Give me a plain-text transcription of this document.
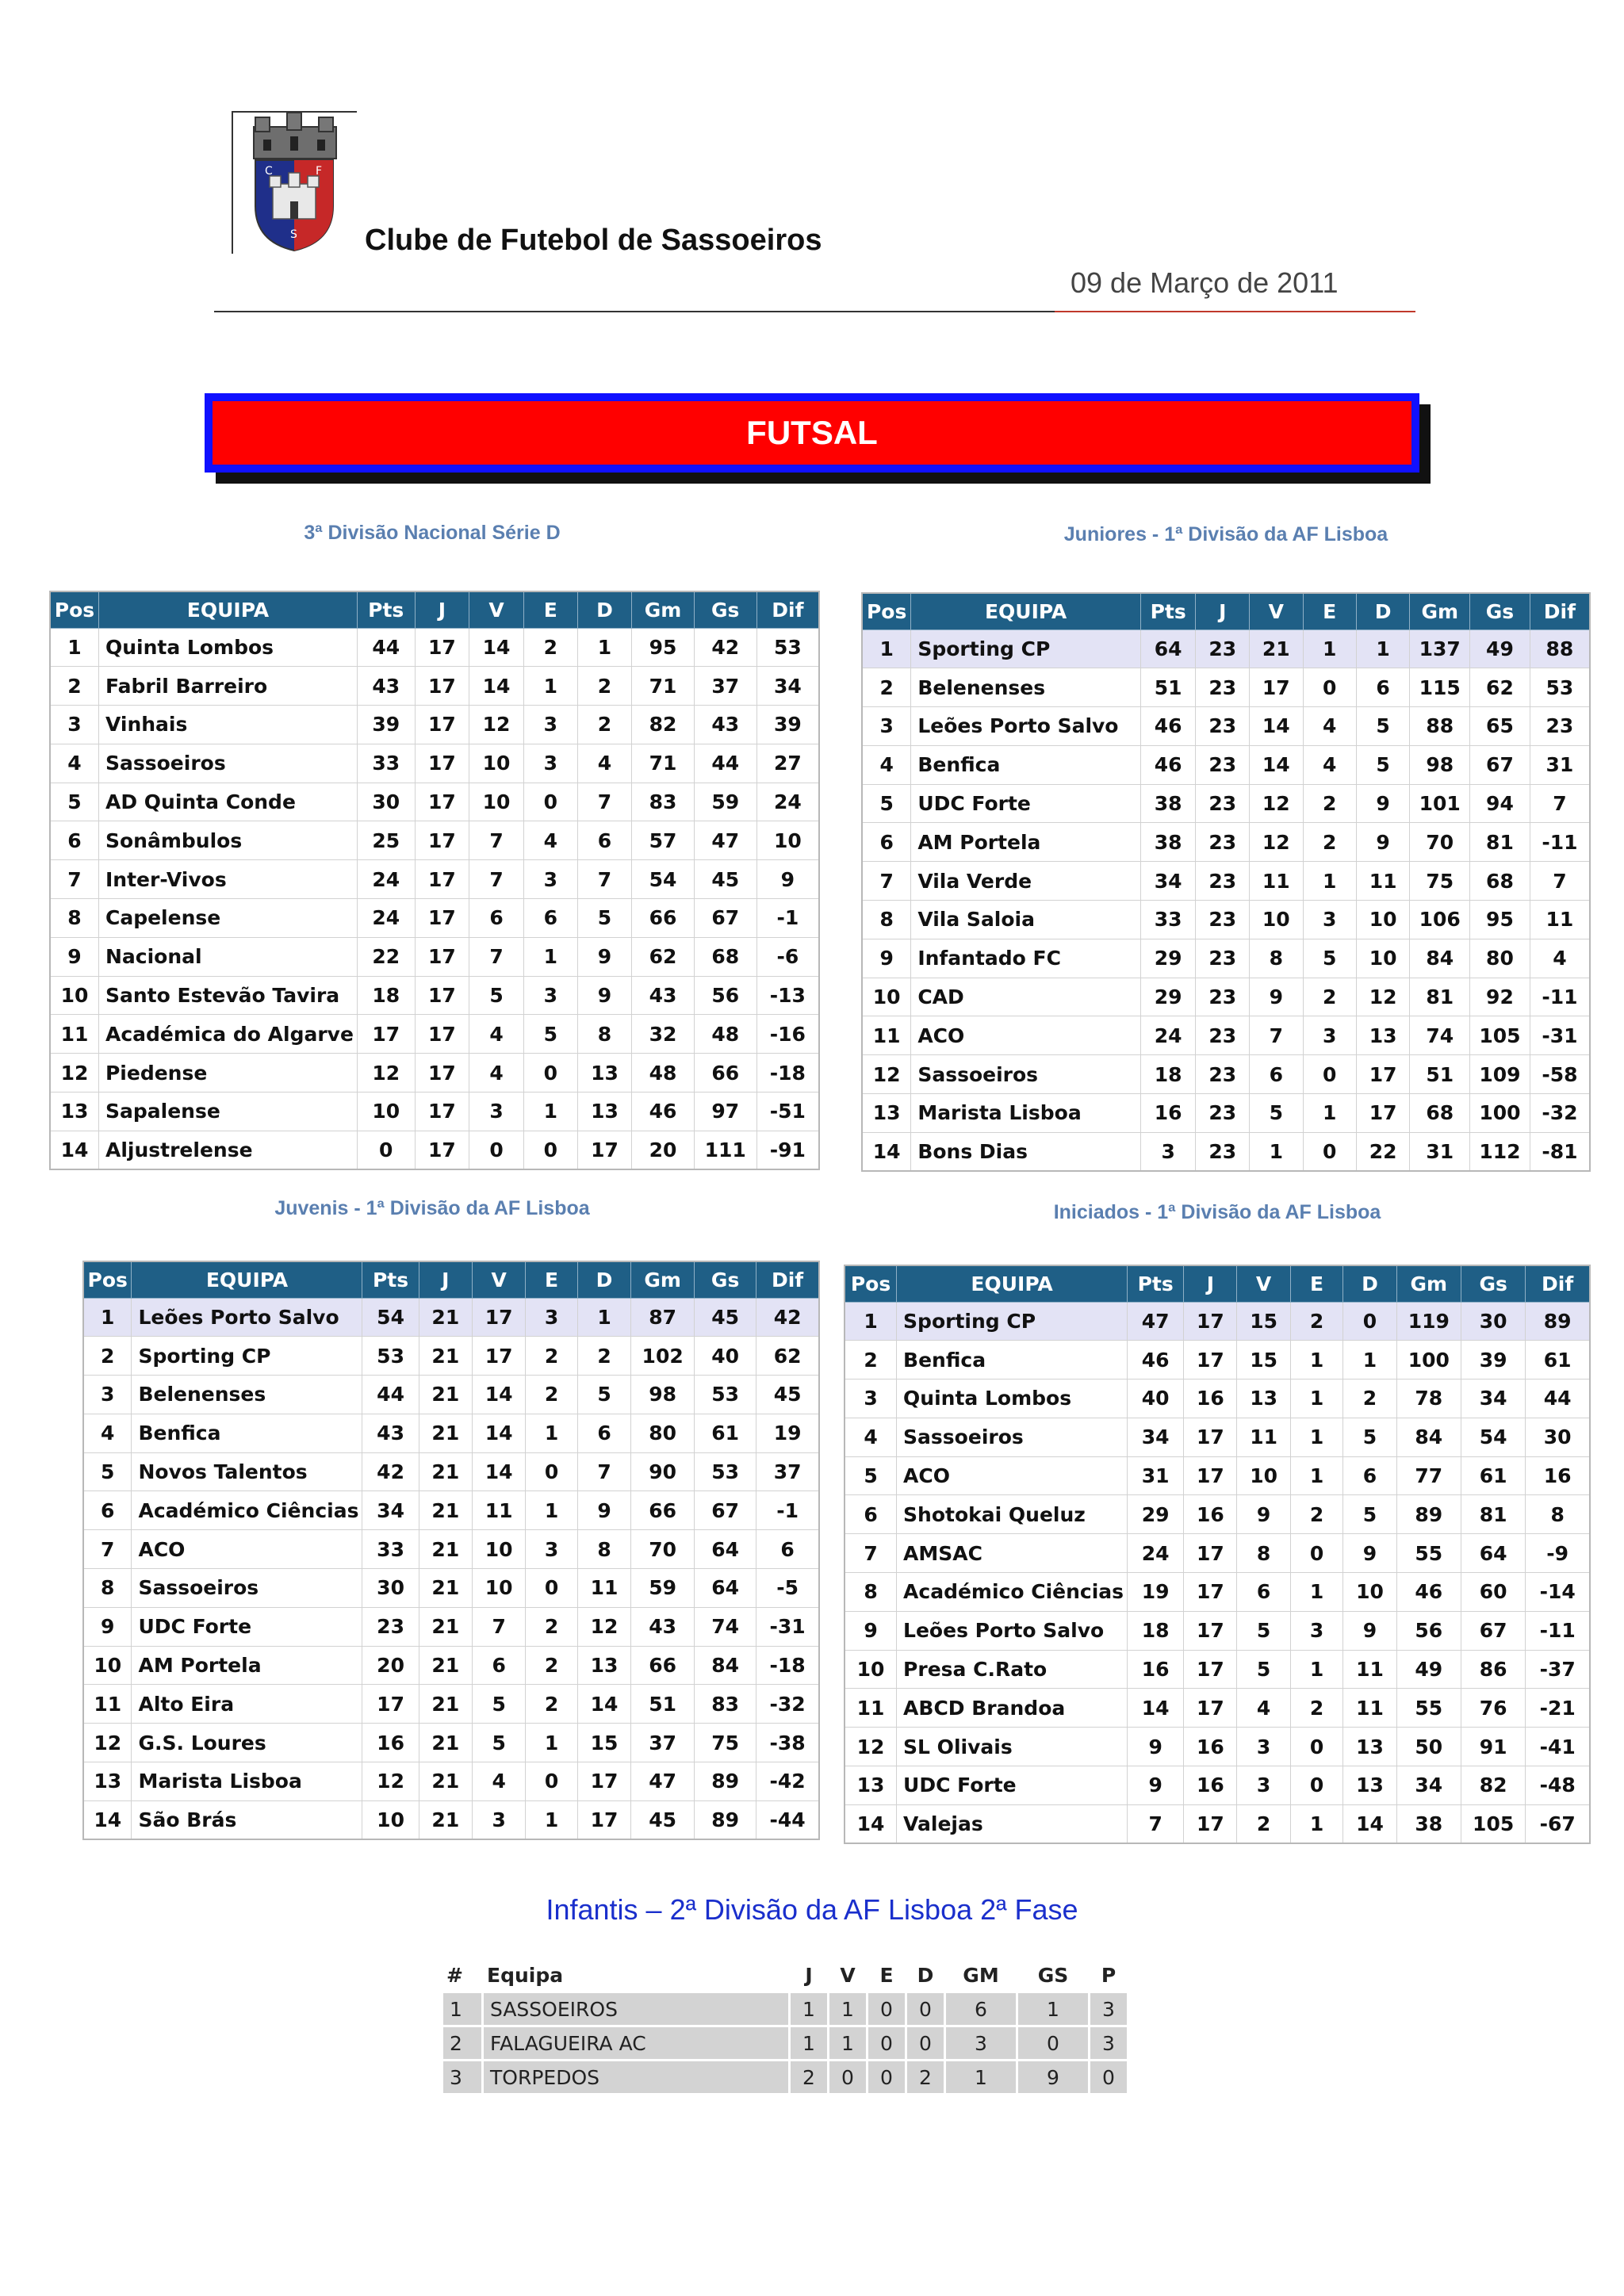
C	F
S Clube de Futebol de Sassoeiros
09 de Março de 2011
FUTSAL
3ª Divisão Nacional Série D	Juniores - 1ª Divisão da AF Lisboa
Juvenis - 1ª Divisão da AF Lisboa	Iniciados - 1ª Divisão da AF Lisboa
Pos	EQUIPA	Pts	J	V	E	D	Gm	Gs	Dif
1	Quinta Lombos	44	17	14	2	1	95	42	53
2	Fabril Barreiro	43	17	14	1	2	71	37	34
3	Vinhais	39	17	12	3	2	82	43	39
4	Sassoeiros	33	17	10	3	4	71	44	27
5	AD Quinta Conde	30	17	10	0	7	83	59	24
6	Sonâmbulos	25	17	7	4	6	57	47	10
7	Inter-Vivos	24	17	7	3	7	54	45	9
8	Capelense	24	17	6	6	5	66	67	-1
9	Nacional	22	17	7	1	9	62	68	-6
10	Santo Estevão Tavira	18	17	5	3	9	43	56	-13
11	Académica do Algarve	17	17	4	5	8	32	48	-16
12	Piedense	12	17	4	0	13	48	66	-18
13	Sapalense	10	17	3	1	13	46	97	-51
14	Aljustrelense	0	17	0	0	17	20	111	-91
Pos	EQUIPA	Pts	J	V	E	D	Gm	Gs	Dif
1	Sporting CP	64	23	21	1	1	137	49	88
2	Belenenses	51	23	17	0	6	115	62	53
3	Leões Porto Salvo	46	23	14	4	5	88	65	23
4	Benfica	46	23	14	4	5	98	67	31
5	UDC Forte	38	23	12	2	9	101	94	7
6	AM Portela	38	23	12	2	9	70	81	-11
7	Vila Verde	34	23	11	1	11	75	68	7
8	Vila Saloia	33	23	10	3	10	106	95	11
9	Infantado FC	29	23	8	5	10	84	80	4
10	CAD	29	23	9	2	12	81	92	-11
11	ACO	24	23	7	3	13	74	105	-31
12	Sassoeiros	18	23	6	0	17	51	109	-58
13	Marista Lisboa	16	23	5	1	17	68	100	-32
14	Bons Dias	3	23	1	0	22	31	112	-81
Pos	EQUIPA	Pts	J	V	E	D	Gm	Gs	Dif
1	Leões Porto Salvo	54	21	17	3	1	87	45	42
2	Sporting CP	53	21	17	2	2	102	40	62
3	Belenenses	44	21	14	2	5	98	53	45
4	Benfica	43	21	14	1	6	80	61	19
5	Novos Talentos	42	21	14	0	7	90	53	37
6	Académico Ciências	34	21	11	1	9	66	67	-1
7	ACO	33	21	10	3	8	70	64	6
8	Sassoeiros	30	21	10	0	11	59	64	-5
9	UDC Forte	23	21	7	2	12	43	74	-31
10	AM Portela	20	21	6	2	13	66	84	-18
11	Alto Eira	17	21	5	2	14	51	83	-32
12	G.S. Loures	16	21	5	1	15	37	75	-38
13	Marista Lisboa	12	21	4	0	17	47	89	-42
14	São Brás	10	21	3	1	17	45	89	-44
Pos	EQUIPA	Pts	J	V	E	D	Gm	Gs	Dif
1	Sporting CP	47	17	15	2	0	119	30	89
2	Benfica	46	17	15	1	1	100	39	61
3	Quinta Lombos	40	16	13	1	2	78	34	44
4	Sassoeiros	34	17	11	1	5	84	54	30
5	ACO	31	17	10	1	6	77	61	16
6	Shotokai Queluz	29	16	9	2	5	89	81	8
7	AMSAC	24	17	8	0	9	55	64	-9
8	Académico Ciências	19	17	6	1	10	46	60	-14
9	Leões Porto Salvo	18	17	5	3	9	56	67	-11
10	Presa C.Rato	16	17	5	1	11	49	86	-37
11	ABCD Brandoa	14	17	4	2	11	55	76	-21
12	SL Olivais	9	16	3	0	13	50	91	-41
13	UDC Forte	9	16	3	0	13	34	82	-48
14	Valejas	7	17	2	1	14	38	105	-67
Infantis – 2ª Divisão da AF Lisboa 2ª Fase
#	Equipa	J	V	E	D	GM	GS	P
1	SASSOEIROS	1	1	0	0	6	1	3
2	FALAGUEIRA AC	1	1	0	0	3	0	3
3	TORPEDOS	2	0	0	2	1	9	0
